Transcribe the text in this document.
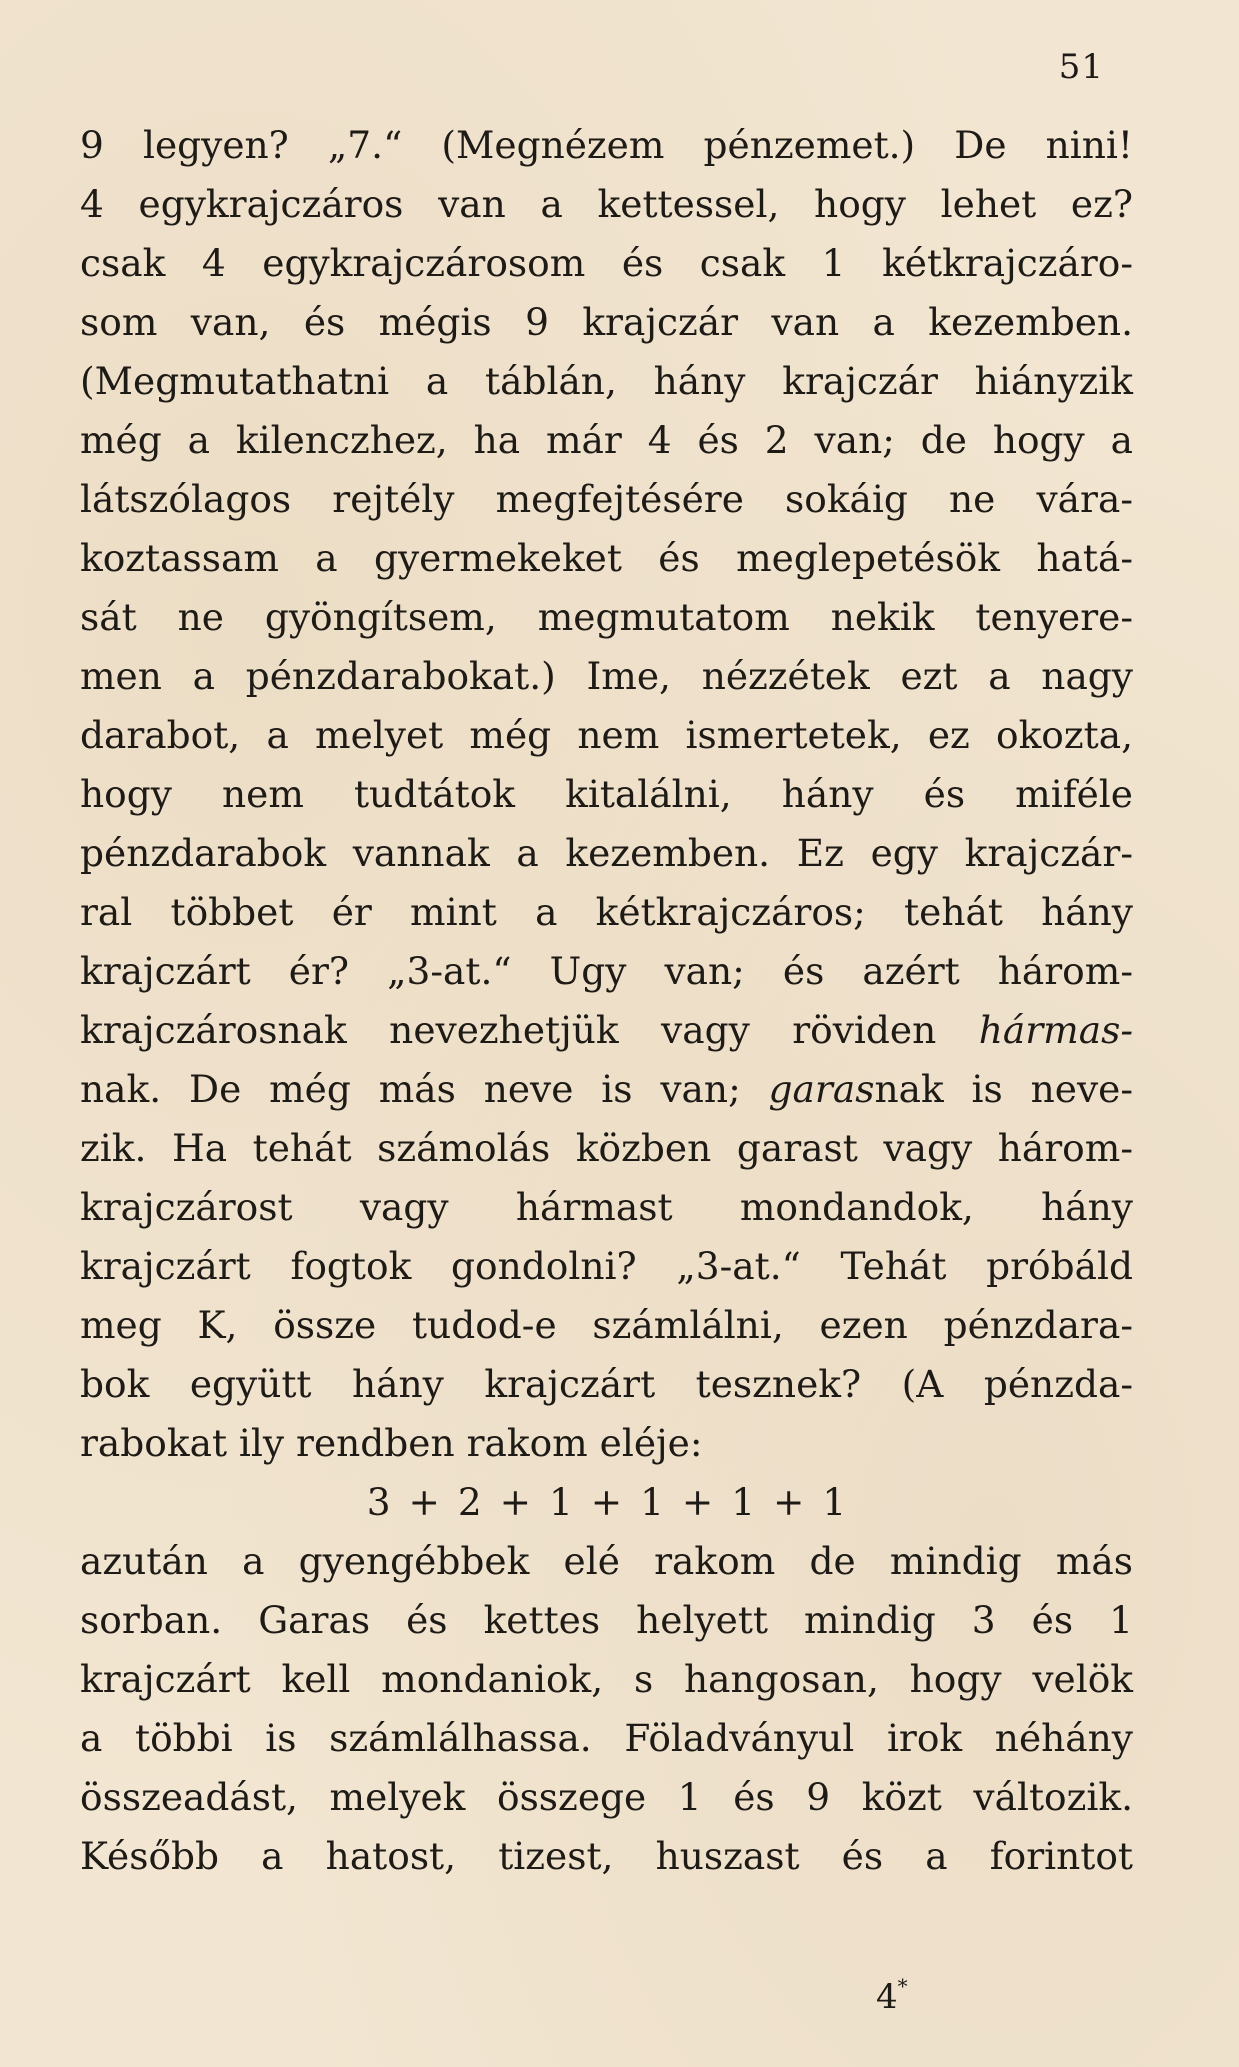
51
9 legyen? „7.“ (Megnézem pénzemet.) De nini!
4 egykrajczáros van a kettessel, hogy lehet ez?
csak 4 egykrajczárosom és csak 1 kétkrajczáro-
som van, és mégis 9 krajczár van a kezemben.
(Megmutathatni a táblán, hány krajczár hiányzik
még a kilenczhez, ha már 4 és 2 van; de hogy a
látszólagos rejtély megfejtésére sokáig ne vára-
koztassam a gyermekeket és meglepetésök hatá-
sát ne gyöngítsem, megmutatom nekik tenyere-
men a pénzdarabokat.) Ime, nézzétek ezt a nagy
darabot, a melyet még nem ismertetek, ez okozta,
hogy nem tudtátok kitalálni, hány és miféle
pénzdarabok vannak a kezemben. Ez egy krajczár-
ral többet ér mint a kétkrajczáros; tehát hány
krajczárt ér? „3-at.“ Ugy van; és azért három-
krajczárosnak nevezhetjük vagy röviden hármas-
nak. De még más neve is van; garasnak is neve-
zik. Ha tehát számolás közben garast vagy három-
krajczárost vagy hármast mondandok, hány
krajczárt fogtok gondolni? „3-at.“ Tehát próbáld
meg K, össze tudod-e számlálni, ezen pénzdara-
bok együtt hány krajczárt tesznek? (A pénzda-
rabokat ily rendben rakom eléje:
3 + 2 + 1 + 1 + 1 + 1
azután a gyengébbek elé rakom de mindig más
sorban. Garas és kettes helyett mindig 3 és 1
krajczárt kell mondaniok, s hangosan, hogy velök
a többi is számlálhassa. Föladványul irok néhány
összeadást, melyek összege 1 és 9 közt változik.
Később a hatost, tizest, huszast és a forintot
4*
